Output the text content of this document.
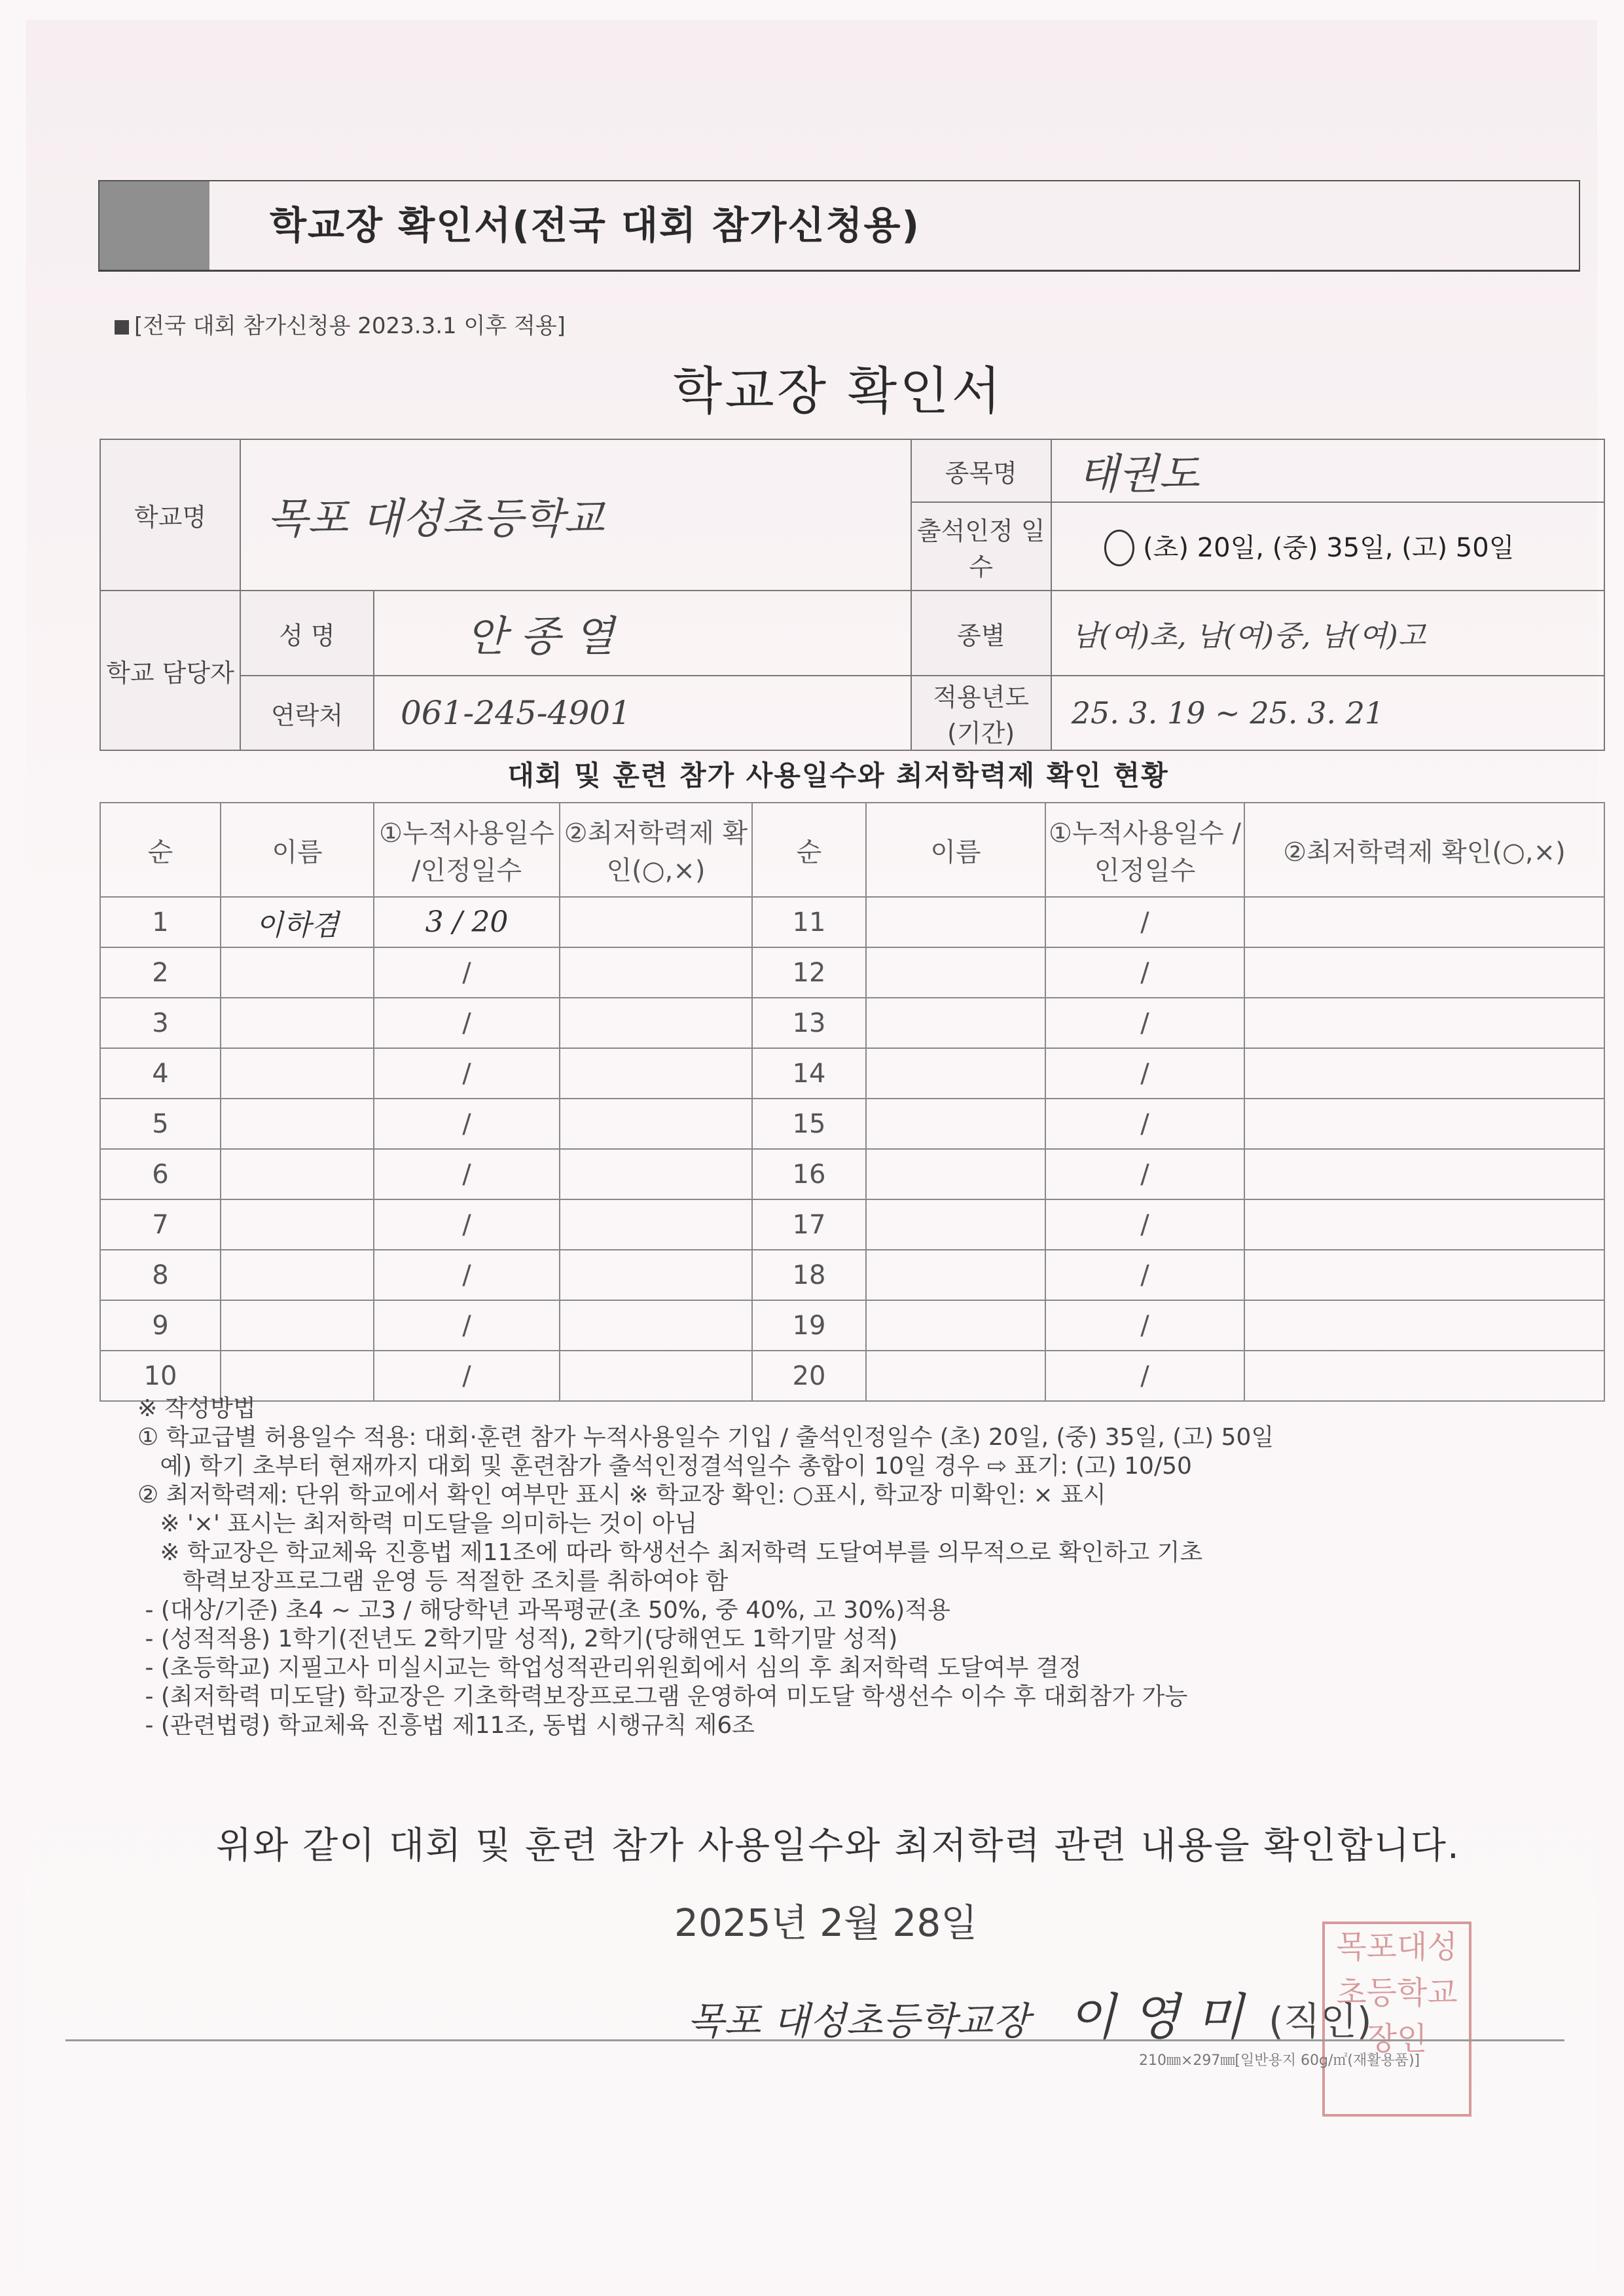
학교장 확인서(전국 대회 참가신청용)
[전국 대회 참가신청용 2023.3.1 이후 적용]
학교장 확인서
학교명	목포 대성초등학교		종목명	태권도
			출석인정 일수	(초) 20일, (중) 35일, (고) 50일
학교 담당자	성 명	안 종 열	종별	남(여)초, 남(여)중, 남(여)고
	연락처	061-245-4901	적용년도 (기간)	25. 3. 19 ~ 25. 3. 21
대회 및 훈련 참가 사용일수와 최저학력제 확인 현황
순	이름	①누적사용일수 /인정일수	②최저학력제 확인(○,×)	순	이름	①누적사용일수 /인정일수	②최저학력제 확인(○,×)
1	이하겸	3 / 20		11		/	
2		/		12		/	
3		/		13		/	
4		/		14		/	
5		/		15		/	
6		/		16		/	
7		/		17		/	
8		/		18		/	
9		/		19		/	
10		/		20		/	

※ 작성방법

① 학교급별 허용일수 적용: 대회·훈련 참가 누적사용일수 기입 / 출석인정일수 (초) 20일, (중) 35일, (고) 50일

예) 학기 초부터 현재까지 대회 및 훈련참가 출석인정결석일수 총합이 10일 경우 ⇨ 표기: (고) 10/50

② 최저학력제: 단위 학교에서 확인 여부만 표시 ※ 학교장 확인: ○표시, 학교장 미확인: × 표시

※ '×' 표시는 최저학력 미도달을 의미하는 것이 아님

※ 학교장은 학교체육 진흥법 제11조에 따라 학생선수 최저학력 도달여부를 의무적으로 확인하고 기초

학력보장프로그램 운영 등 적절한 조치를 취하여야 함

- (대상/기준) 초4 ~ 고3 / 해당학년 과목평균(초 50%, 중 40%, 고 30%)적용

- (성적적용) 1학기(전년도 2학기말 성적), 2학기(당해연도 1학기말 성적)

- (초등학교) 지필고사 미실시교는 학업성적관리위원회에서 심의 후 최저학력 도달여부 결정

- (최저학력 미도달) 학교장은 기초학력보장프로그램 운영하여 미도달 학생선수 이수 후 대회참가 가능

- (관련법령) 학교체육 진흥법 제11조, 동법 시행규칙 제6조

위와 같이 대회 및 훈련 참가 사용일수와 최저학력 관련 내용을 확인합니다.
2025년 2월 28일
목포 대성초등학교장 이 영 미 (직인)
목포대성초등학교장인
210㎜×297㎜[일반용지 60g/㎡(재활용품)]
